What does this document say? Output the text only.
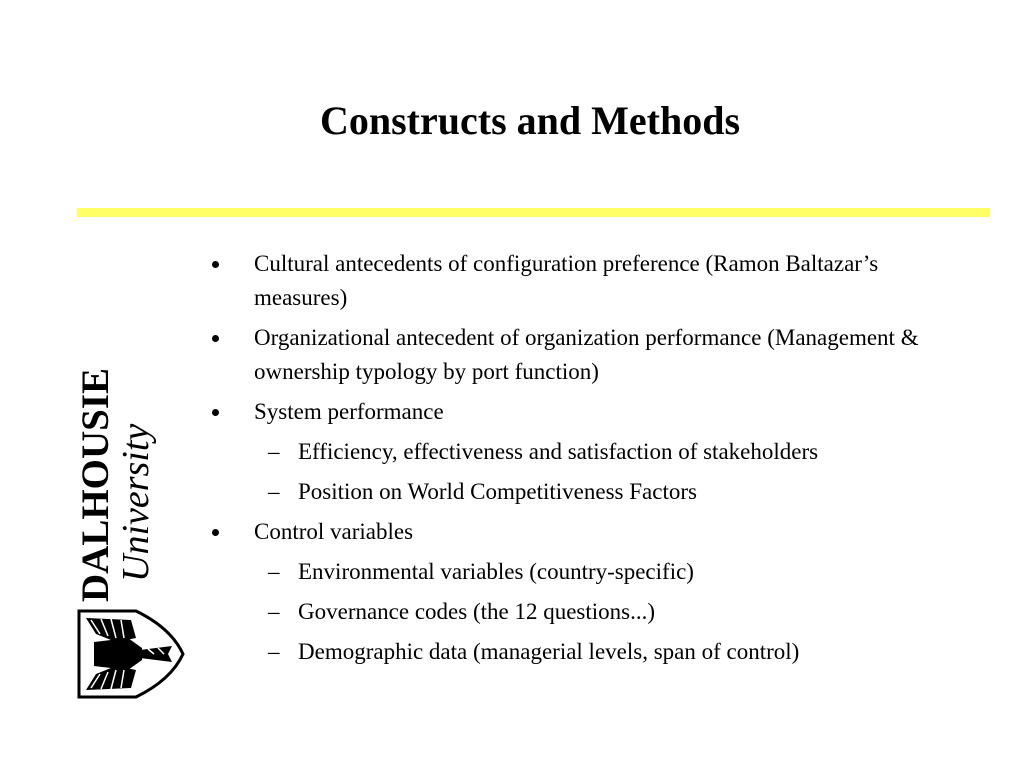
Constructs and Methods
Cultural antecedents of configuration preference (Ramon Baltazar’s measures)
Organizational antecedent of organization performance (Management & ownership typology by port function)
System performance
– Efficiency, effectiveness and satisfaction of stakeholders
– Position on World Competitiveness Factors
Control variables
– Environmental variables (country-specific)
– Governance codes (the 12 questions...)
– Demographic data (managerial levels, span of control)
DALHOUSIE
University
